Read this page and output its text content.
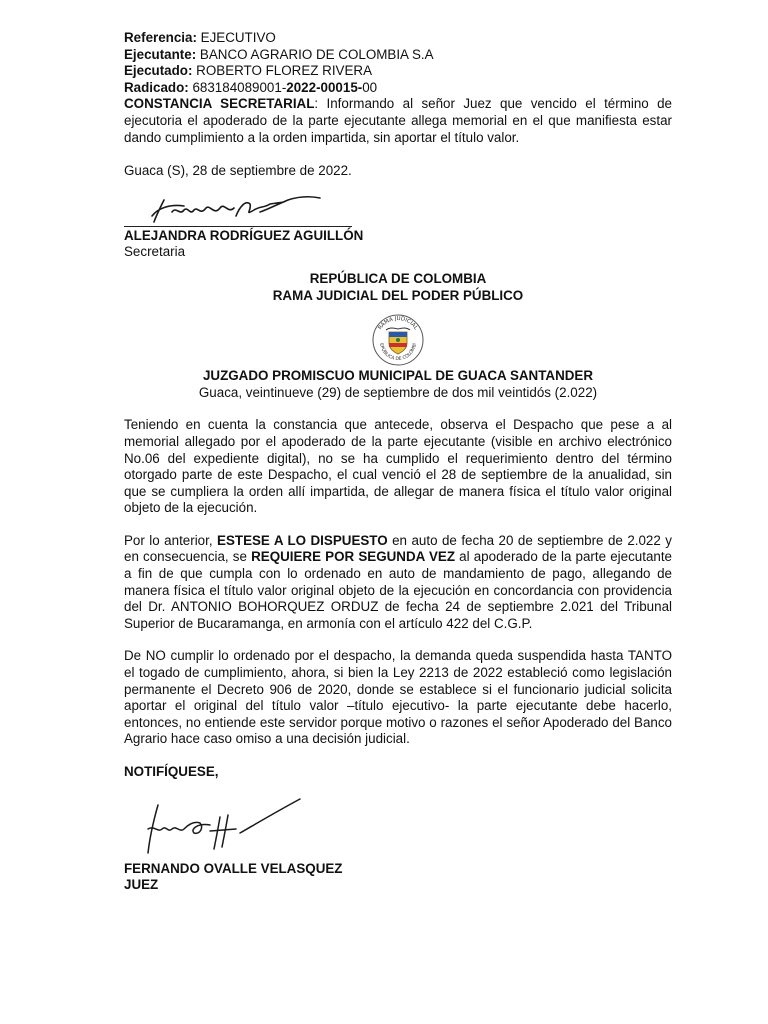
Referencia: EJECUTIVO
Ejecutante: BANCO AGRARIO DE COLOMBIA S.A
Ejecutado: ROBERTO FLOREZ RIVERA
Radicado: 683184089001-2022-00015-00

CONSTANCIA SECRETARIAL: Informando al señor Juez que vencido el término de ejecutoria el apoderado de la parte ejecutante allega memorial en el que manifiesta estar dando cumplimiento a la orden impartida, sin aportar el título valor.

Guaca (S), 28 de septiembre de 2022.

ALEJANDRA RODRÍGUEZ AGUILLÓN
Secretaria
REPÚBLICA DE COLOMBIA
RAMA JUDICIAL DEL PODER PÚBLICO
RAMA JUDICIAL
EPÚBLICA DE COLOMBI
JUZGADO PROMISCUO MUNICIPAL DE GUACA SANTANDER
Guaca, veintinueve (29) de septiembre de dos mil veintidós (2.022)

Teniendo en cuenta la constancia que antecede, observa el Despacho que pese a al memorial allegado por el apoderado de la parte ejecutante (visible en archivo electrónico No.06 del expediente digital), no se ha cumplido el requerimiento dentro del término otorgado parte de este Despacho, el cual venció el 28 de septiembre de la anualidad, sin que se cumpliera la orden allí impartida, de allegar de manera física el título valor original objeto de la ejecución.

Por lo anterior, ESTESE A LO DISPUESTO en auto de fecha 20 de septiembre de 2.022 y en consecuencia, se REQUIERE POR SEGUNDA VEZ al apoderado de la parte ejecutante a fin de que cumpla con lo ordenado en auto de mandamiento de pago, allegando de manera física el título valor original objeto de la ejecución en concordancia con providencia del Dr. ANTONIO BOHORQUEZ ORDUZ de fecha 24 de septiembre 2.021 del Tribunal Superior de Bucaramanga, en armonía con el artículo 422 del C.G.P.

De NO cumplir lo ordenado por el despacho, la demanda queda suspendida hasta TANTO el togado de cumplimiento, ahora, si bien la Ley 2213 de 2022 estableció como legislación permanente el Decreto 906 de 2020, donde se establece si el funcionario judicial solicita aportar el original del título valor –título ejecutivo- la parte ejecutante debe hacerlo, entonces, no entiende este servidor porque motivo o razones el señor Apoderado del Banco Agrario hace caso omiso a una decisión judicial.

NOTIFÍQUESE,

FERNANDO OVALLE VELASQUEZ
JUEZ
